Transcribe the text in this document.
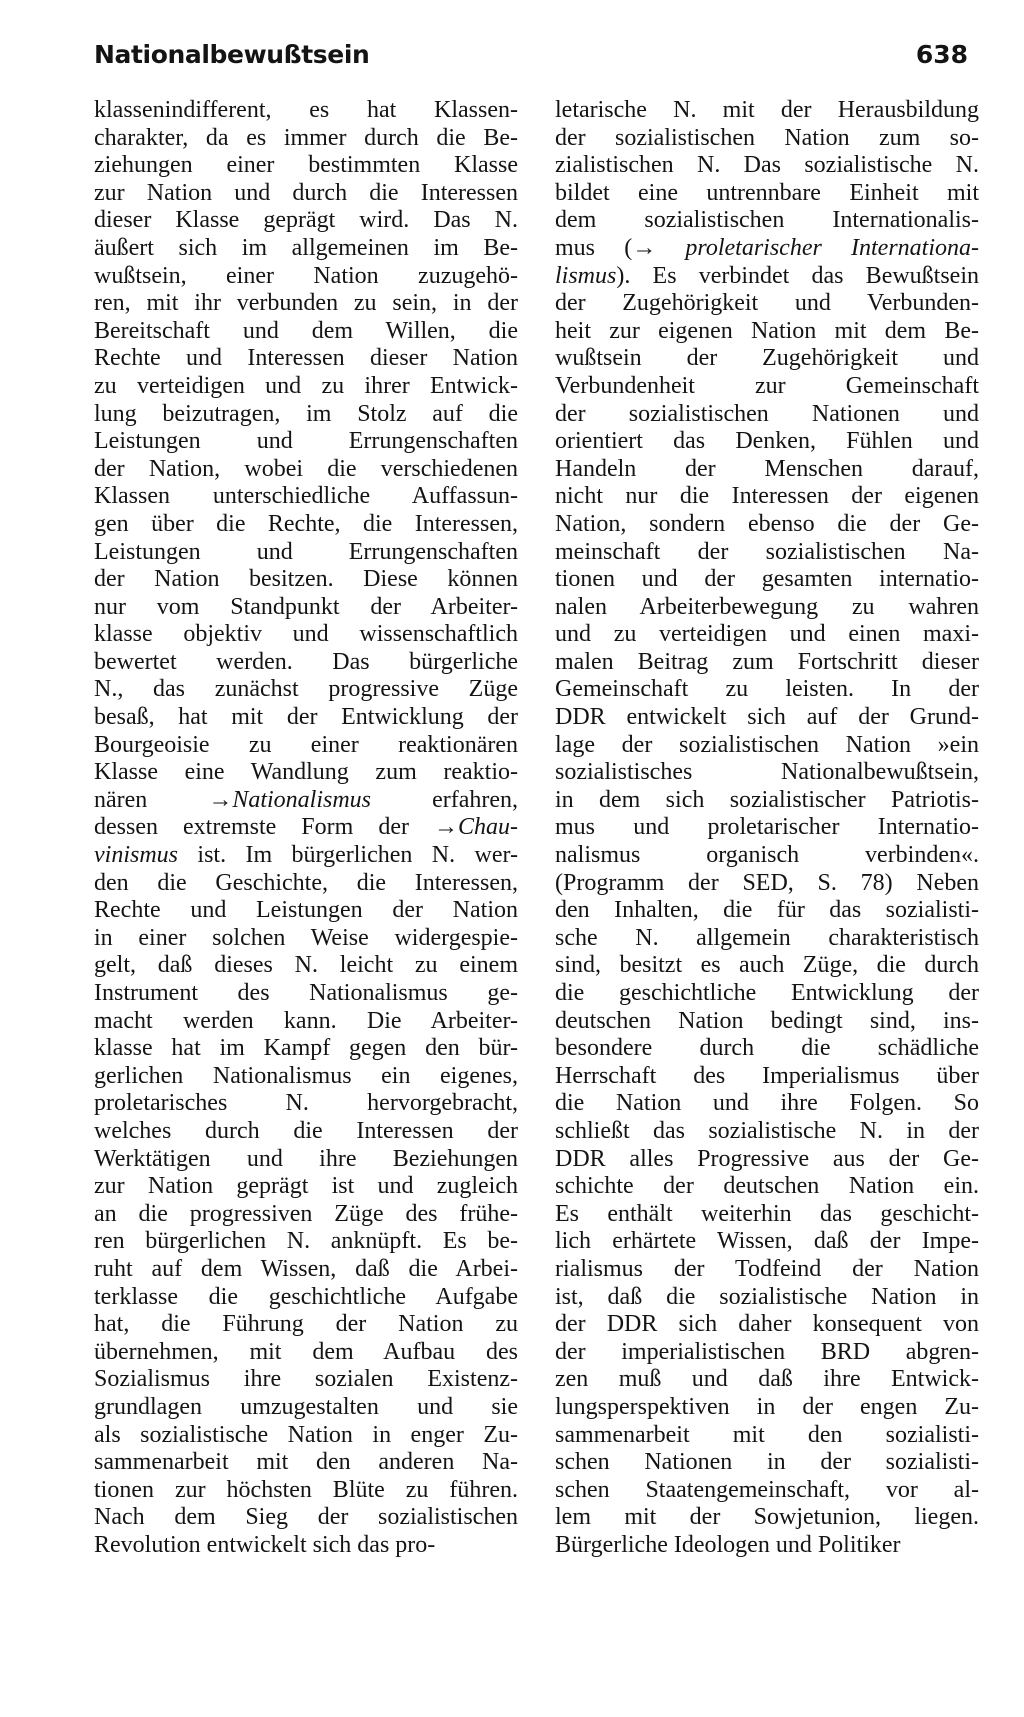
Nationalbewußtsein	638
klassenindifferent, es hat Klassen-
charakter, da es immer durch die Be-
ziehungen einer bestimmten Klasse
zur Nation und durch die Interessen
dieser Klasse geprägt wird. Das N.
äußert sich im allgemeinen im Be-
wußtsein, einer Nation zuzugehö-
ren, mit ihr verbunden zu sein, in der
Bereitschaft und dem Willen, die
Rechte und Interessen dieser Nation
zu verteidigen und zu ihrer Entwick-
lung beizutragen, im Stolz auf die
Leistungen und Errungenschaften
der Nation, wobei die verschiedenen
Klassen unterschiedliche Auffassun-
gen über die Rechte, die Interessen,
Leistungen und Errungenschaften
der Nation besitzen. Diese können
nur vom Standpunkt der Arbeiter-
klasse objektiv und wissenschaftlich
bewertet werden. Das bürgerliche
N., das zunächst progressive Züge
besaß, hat mit der Entwicklung der
Bourgeoisie zu einer reaktionären
Klasse eine Wandlung zum reaktio-
nären →Nationalismus erfahren,
dessen extremste Form der →Chau-
vinismus ist. Im bürgerlichen N. wer-
den die Geschichte, die Interessen,
Rechte und Leistungen der Nation
in einer solchen Weise widergespie-
gelt, daß dieses N. leicht zu einem
Instrument des Nationalismus ge-
macht werden kann. Die Arbeiter-
klasse hat im Kampf gegen den bür-
gerlichen Nationalismus ein eigenes,
proletarisches N. hervorgebracht,
welches durch die Interessen der
Werktätigen und ihre Beziehungen
zur Nation geprägt ist und zugleich
an die progressiven Züge des frühe-
ren bürgerlichen N. anknüpft. Es be-
ruht auf dem Wissen, daß die Arbei-
terklasse die geschichtliche Aufgabe
hat, die Führung der Nation zu
übernehmen, mit dem Aufbau des
Sozialismus ihre sozialen Existenz-
grundlagen umzugestalten und sie
als sozialistische Nation in enger Zu-
sammenarbeit mit den anderen Na-
tionen zur höchsten Blüte zu führen.
Nach dem Sieg der sozialistischen
Revolution entwickelt sich das pro-
letarische N. mit der Herausbildung
der sozialistischen Nation zum so-
zialistischen N. Das sozialistische N.
bildet eine untrennbare Einheit mit
dem sozialistischen Internationalis-
mus (→ proletarischer Internationa-
lismus). Es verbindet das Bewußtsein
der Zugehörigkeit und Verbunden-
heit zur eigenen Nation mit dem Be-
wußtsein der Zugehörigkeit und
Verbundenheit zur Gemeinschaft
der sozialistischen Nationen und
orientiert das Denken, Fühlen und
Handeln der Menschen darauf,
nicht nur die Interessen der eigenen
Nation, sondern ebenso die der Ge-
meinschaft der sozialistischen Na-
tionen und der gesamten internatio-
nalen Arbeiterbewegung zu wahren
und zu verteidigen und einen maxi-
malen Beitrag zum Fortschritt dieser
Gemeinschaft zu leisten. In der
DDR entwickelt sich auf der Grund-
lage der sozialistischen Nation »ein
sozialistisches Nationalbewußtsein,
in dem sich sozialistischer Patriotis-
mus und proletarischer Internatio-
nalismus organisch verbinden«.
(Programm der SED, S. 78) Neben
den Inhalten, die für das sozialisti-
sche N. allgemein charakteristisch
sind, besitzt es auch Züge, die durch
die geschichtliche Entwicklung der
deutschen Nation bedingt sind, ins-
besondere durch die schädliche
Herrschaft des Imperialismus über
die Nation und ihre Folgen. So
schließt das sozialistische N. in der
DDR alles Progressive aus der Ge-
schichte der deutschen Nation ein.
Es enthält weiterhin das geschicht-
lich erhärtete Wissen, daß der Impe-
rialismus der Todfeind der Nation
ist, daß die sozialistische Nation in
der DDR sich daher konsequent von
der imperialistischen BRD abgren-
zen muß und daß ihre Entwick-
lungsperspektiven in der engen Zu-
sammenarbeit mit den sozialisti-
schen Nationen in der sozialisti-
schen Staatengemeinschaft, vor al-
lem mit der Sowjetunion, liegen.
Bürgerliche Ideologen und Politiker
